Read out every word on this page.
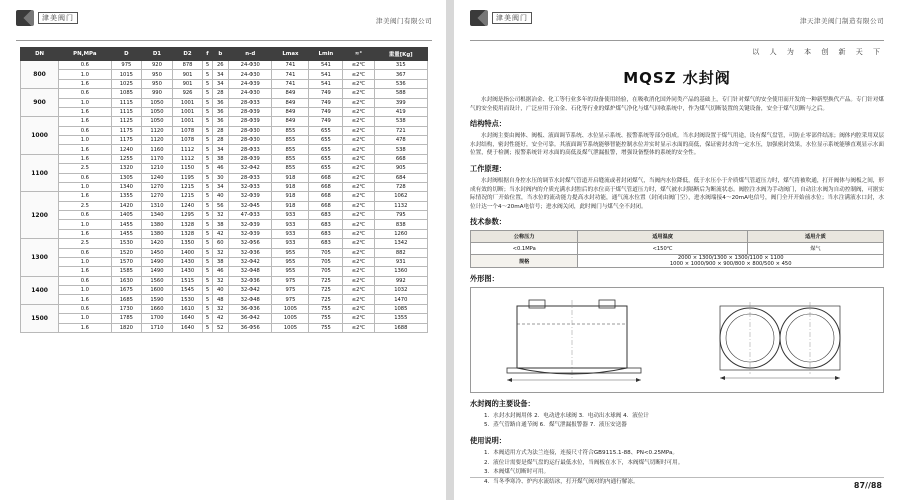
津美阀门	津美阀门有限公司
DN	PN,MPa	D	D1	D2	f	b	n-d	Lmax	Lmin	≈°	重量[Kg]
800	0.6	975	920	878	5	26	24-Φ30	741	541	≤2℃	315
	1.0	1015	950	901	5	34	24-Φ30	741	541	≤2℃	367
	1.6	1025	950	901	5	34	24-Φ39	741	541	≤2℃	536
900	0.6	1085	990	926	5	28	24-Φ30	849	749	≤2℃	588
	1.0	1115	1050	1001	5	36	28-Φ33	849	749	≤2℃	399
	1.6	1115	1050	1001	5	36	28-Φ39	849	749	≤2℃	419
1000	1.6	1125	1050	1001	5	36	28-Φ39	849	749	≤2℃	538
	0.6	1175	1120	1078	5	28	28-Φ30	855	655	≤2℃	721
	1.0	1175	1120	1078	5	28	28-Φ30	855	655	≤2℃	478
	1.6	1240	1160	1112	5	34	28-Φ33	855	655	≤2℃	538
1100	1.6	1255	1170	1112	5	38	28-Φ39	855	655	≤2℃	668
	2.5	1320	1210	1150	5	46	32-Φ42	855	655	≤2℃	905
	0.6	1305	1240	1195	5	30	28-Φ33	918	668	≤2℃	684
	1.0	1340	1270	1215	5	34	32-Φ33	918	668	≤2℃	728
1200	1.6	1355	1270	1215	5	40	32-Φ39	918	668	≤2℃	1062
	2.5	1420	1310	1240	5	56	32-Φ45	918	668	≤2℃	1132
	0.6	1405	1340	1295	5	32	47-Φ33	933	683	≤2℃	795
	1.0	1455	1380	1328	5	38	32-Φ39	933	683	≤2℃	838
	1.6	1455	1380	1328	5	42	32-Φ39	933	683	≤2℃	1260
1300	2.5	1530	1420	1350	5	60	32-Φ56	933	683	≤2℃	1342
	0.6	1520	1450	1400	5	32	32-Φ36	955	705	≤2℃	882
	1.0	1570	1490	1430	5	38	32-Φ42	955	705	≤2℃	931
	1.6	1585	1490	1430	5	46	32-Φ48	955	705	≤2℃	1360
1400	0.6	1630	1560	1515	5	32	32-Φ36	975	725	≤2℃	992
	1.0	1675	1600	1545	5	40	32-Φ42	975	725	≤2℃	1032
	1.6	1685	1590	1530	5	48	32-Φ48	975	725	≤2℃	1470
1500	0.6	1730	1660	1610	5	32	36-Φ36	1005	755	≤2℃	1085
	1.0	1785	1700	1640	5	42	36-Φ42	1005	755	≤2℃	1355
	1.6	1820	1710	1640	5	52	36-Φ56	1005	755	≤2℃	1688
津美阀门	津天津美阀门制造有限公司
以 人 为 本 创 新 天 下
MQSZ 水封阀

水封阀是指公司根据冶金、化工等行业多年的设备使用经验，在吸收消化国外同类产品的基础上，专门针对煤气的安全使用而开发的一种新型换代产品。专门针对煤气的安全使用而设计，广泛应用于冶金、石化等行业的煤炉煤气净化与煤气回收系统中，作为煤气切断装置的关键设备，安全于煤气切断与之后。

结构特点：

水封阀主要由阀体、阀板、液面调节系统、水位显示系统、报警系统等部分组成。当水封阀设置于煤气用途，设有煤气盘管，可防止零部件结冻；阀体内腔采用双层水封结构，密封性能好，安全可靠。其液面调节系统能够智能控制水位并实时显示水面的高低，保证密封水的一定水压，加强密封效果，水位显示系统能够直观显示水面位置，便于检测；报警系统针对水面的高低及煤气泄漏报警，增强设备整体的系统的安全性。

工作原理：

水封阀根据自身控水压的调节水封煤气管道开启缝流或者封闭煤气，当阀内水位降低，低于水压小于介质煤气管道压力时，煤气将被吹通，打开阀体与阀板之间，形成有效的切断；当水封阀内的介质充满水封腔后的水位高于煤气管道压力时，煤气被水封隔断后为断流状态。阀腔注水阀为手动阀门，自动注水阀为自动控制阀，可据实际情况的厂开始位置，当水位的流动能力提高水封功能，通气流水位置（封闭由阀门空），进水阀端接4～20mA电信号，阀门全开开始前水位；当水注满液水口封，水位计达一个4～20mA电信号；进水阀关闭，此时阀门与煤气全不封闭。

技术参数：
公称压力	适用温度	适用介质
<0.1MPa	<150℃	煤气
规格	2000 × 1300/1300 × 1300/1100 × 1100
1000 × 1000/900 × 900/800 × 800/500 × 450	
外形图：
水封阀的主要设备：
1．水封水封阀用体 2．电动进水球阀 3．电动出水球阀 4．液位计
5．蒸气管路自通节阀 6．煤气泄漏报警器 7．液压安送器
使用说明：
1．本阀适用方式为法兰连接，连接尺寸符合GB9115.1-88、PN<0.25MPa。
2．液位计需要是煤气盘的运行最低水位，当阀板在水下，本阀煤气切断时可用。
3．本阀煤气切断时可用。
4．当冬季寒冷、炉内水流结冰，打开煤气阀对的内通行解冻。	87//88
